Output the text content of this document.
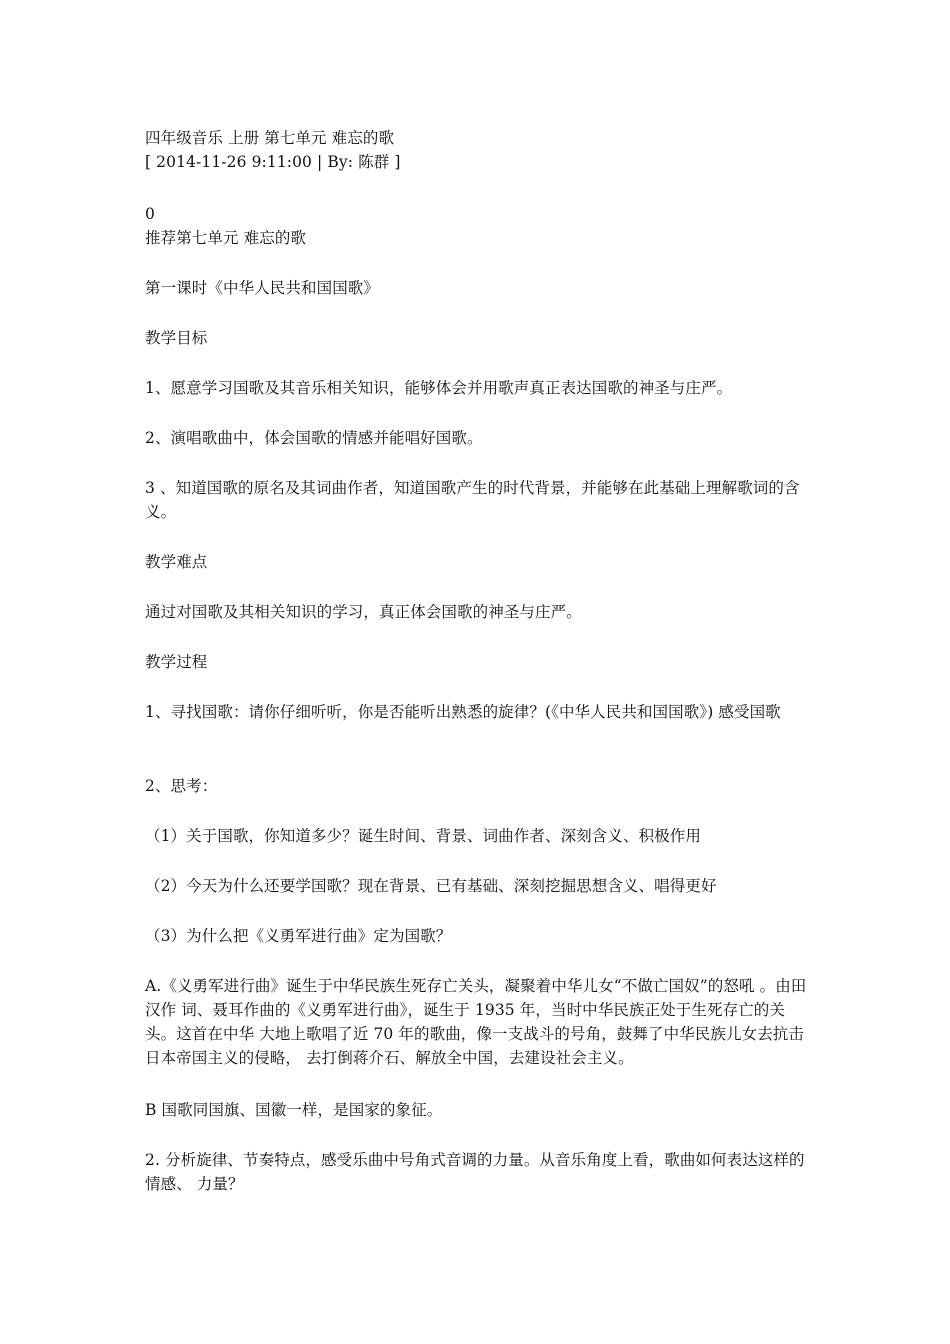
四年级音乐 上册 第七单元 难忘的歌
[ 2014-11-26 9:11:00 | By: 陈群 ]
0
推荐第七单元 难忘的歌
第一课时《中华人民共和国国歌》
教学目标
1、愿意学习国歌及其音乐相关知识，能够体会并用歌声真正表达国歌的神圣与庄严。
2、演唱歌曲中，体会国歌的情感并能唱好国歌。
3 、知道国歌的原名及其词曲作者，知道国歌产生的时代背景，并能够在此基础上理解歌词的含 义。
教学难点
通过对国歌及其相关知识的学习，真正体会国歌的神圣与庄严。
教学过程
1、寻找国歌：请你仔细听听，你是否能听出熟悉的旋律？(《中华人民共和国国歌》) 感受国歌
2、思考：
（1）关于国歌，你知道多少？诞生时间、背景、词曲作者、深刻含义、积极作用
（2）今天为什么还要学国歌？现在背景、已有基础、深刻挖掘思想含义、唱得更好
（3）为什么把《义勇军进行曲》定为国歌？
A.《义勇军进行曲》诞生于中华民族生死存亡关头，凝聚着中华儿女“不做亡国奴”的怒吼 。由田汉作 词、聂耳作曲的《义勇军进行曲》，诞生于 1935 年，当时中华民族正处于生死存亡的关头。这首在中华 大地上歌唱了近 70 年的歌曲，像一支战斗的号角，鼓舞了中华民族儿女去抗击日本帝国主义的侵略， 去打倒蒋介石、解放全中国，去建设社会主义。
B 国歌同国旗、国徽一样，是国家的象征。
2. 分析旋律、节奏特点，感受乐曲中号角式音调的力量。从音乐角度上看，歌曲如何表达这样的情感、 力量？
